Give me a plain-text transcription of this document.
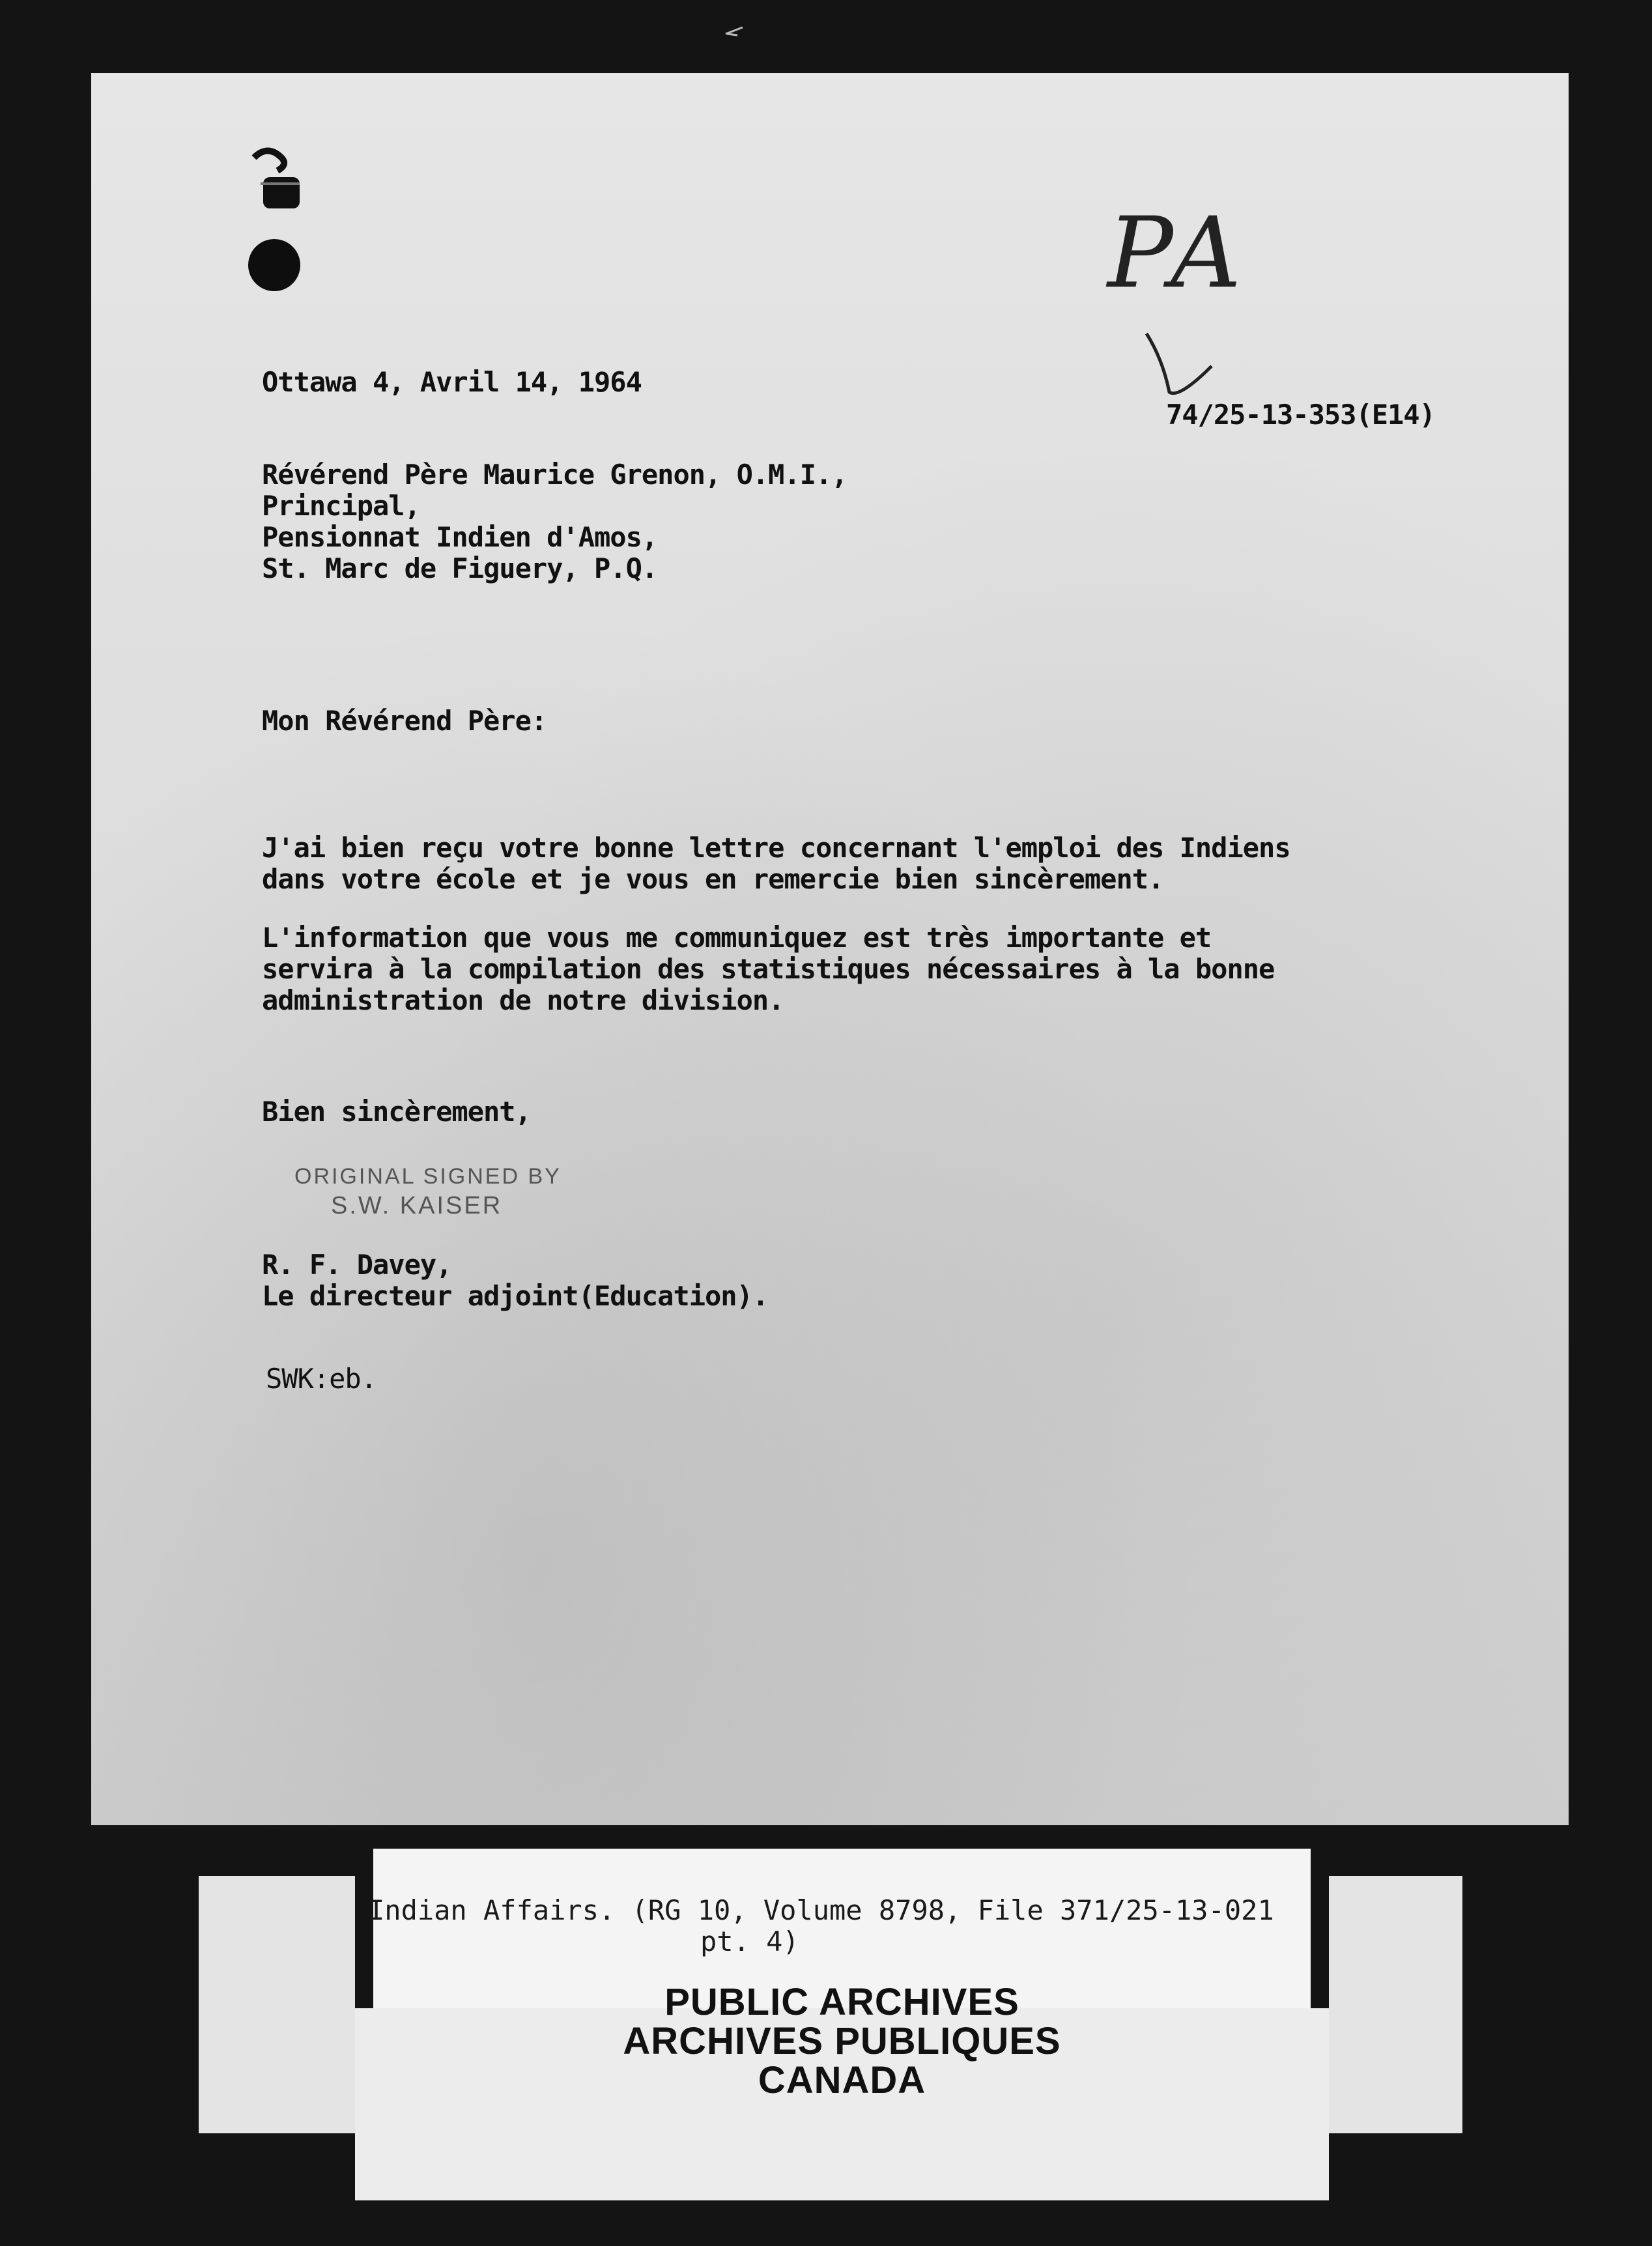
PA
Ottawa 4, Avril 14, 1964
74/25-13-353(E14)
Révérend Père Maurice Grenon, O.M.I.,
Principal,
Pensionnat Indien d'Amos,
St. Marc de Figuery, P.Q.
Mon Révérend Père:
J'ai bien reçu votre bonne lettre concernant l'emploi des Indiens
dans votre école et je vous en remercie bien sincèrement.
L'information que vous me communiquez est très importante et
servira à la compilation des statistiques nécessaires à la bonne
administration de notre division.
Bien sincèrement,
ORIGINAL SIGNED BY
S.W. KAISER
R. F. Davey,
Le directeur adjoint(Education).
SWK:eb.
Indian Affairs. (RG 10, Volume 8798, File 371/25-13-021
pt. 4)
PUBLIC ARCHIVES
ARCHIVES PUBLIQUES
CANADA
